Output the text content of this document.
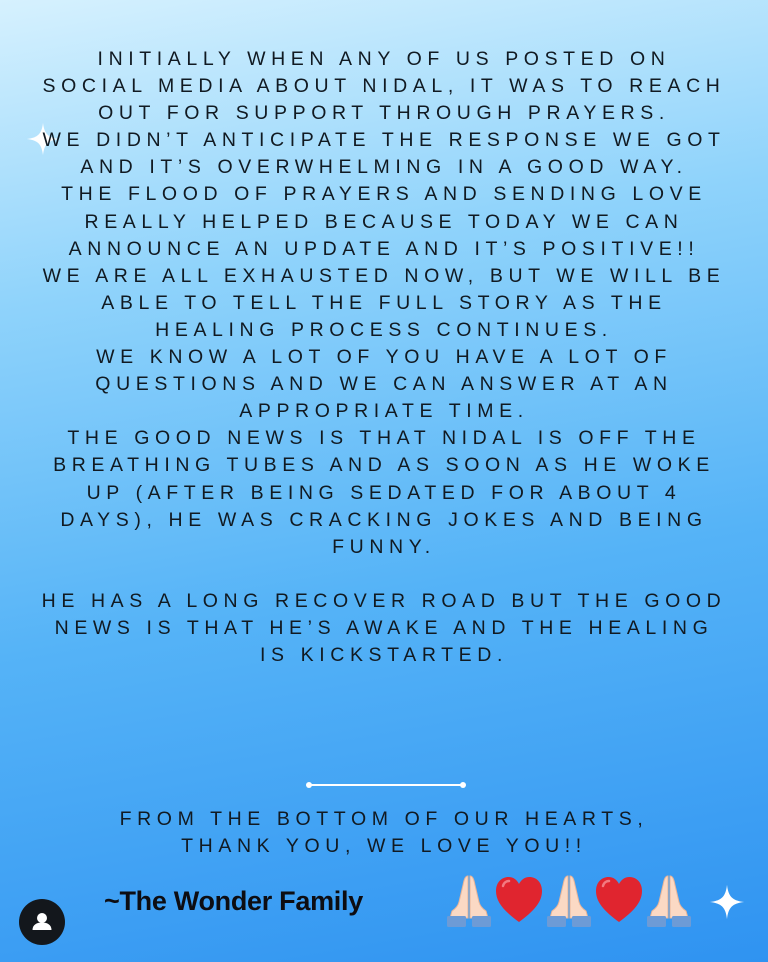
INITIALLY WHEN ANY OF US POSTED ON SOCIAL MEDIA ABOUT NIDAL, IT WAS TO REACH OUT FOR SUPPORT THROUGH PRAYERS.

WE DIDN’T ANTICIPATE THE RESPONSE WE GOT AND IT’S OVERWHELMING IN A GOOD WAY.

THE FLOOD OF PRAYERS AND SENDING LOVE REALLY HELPED BECAUSE TODAY WE CAN ANNOUNCE AN UPDATE AND IT’S POSITIVE!!

WE ARE ALL EXHAUSTED NOW, BUT WE WILL BE ABLE TO TELL THE FULL STORY AS THE HEALING PROCESS CONTINUES.

WE KNOW A LOT OF YOU HAVE A LOT OF QUESTIONS AND WE CAN ANSWER AT AN APPROPRIATE TIME.

THE GOOD NEWS IS THAT NIDAL IS OFF THE BREATHING TUBES AND AS SOON AS HE WOKE UP (AFTER BEING SEDATED FOR ABOUT 4 DAYS), HE WAS CRACKING JOKES AND BEING FUNNY.

HE HAS A LONG RECOVER ROAD BUT THE GOOD NEWS IS THAT HE’S AWAKE AND THE HEALING IS KICKSTARTED.

FROM THE BOTTOM OF OUR HEARTS,

THANK YOU, WE LOVE YOU!!

~The Wonder Family
